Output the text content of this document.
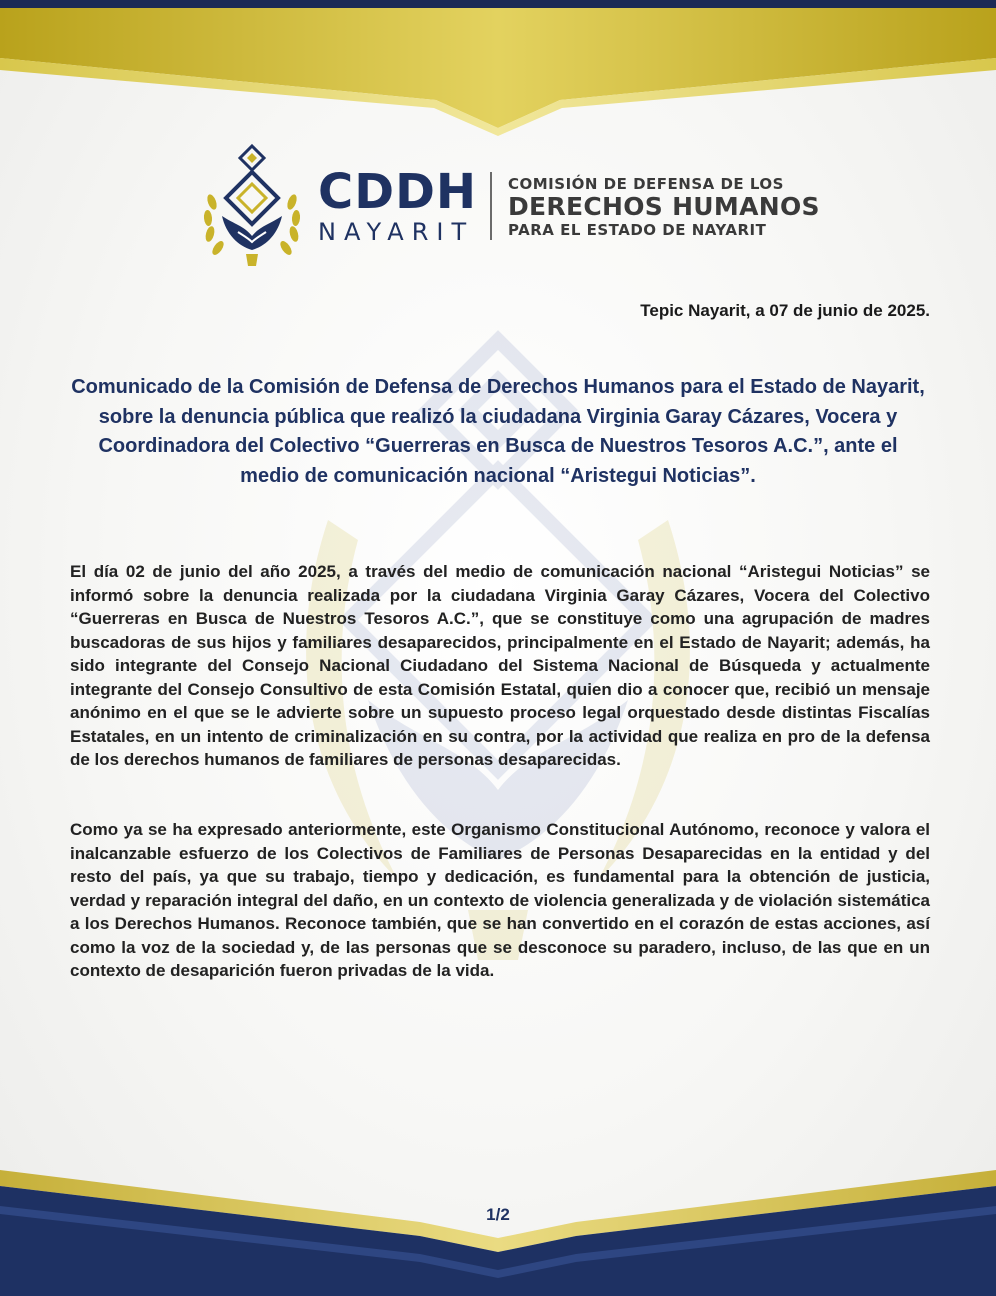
CDDH
NAYARIT
COMISIÓN DE DEFENSA DE LOS
DERECHOS HUMANOS
PARA EL ESTADO DE NAYARIT
Tepic Nayarit, a 07 de junio de 2025.
Comunicado de la Comisión de Defensa de Derechos Humanos para el Estado de Nayarit, sobre la denuncia pública que realizó la ciudadana Virginia Garay Cázares, Vocera y Coordinadora del Colectivo “Guerreras en Busca de Nuestros Tesoros A.C.”, ante el medio de comunicación nacional “Aristegui Noticias”.

El día 02 de junio del año 2025, a través del medio de comunicación nacional “Aristegui Noticias” se informó sobre la denuncia realizada por la ciudadana Virginia Garay Cázares, Vocera del Colectivo “Guerreras en Busca de Nuestros Tesoros A.C.”, que se constituye como una agrupación de madres buscadoras de sus hijos y familiares desaparecidos, principalmente en el Estado de Nayarit; además, ha sido integrante del Consejo Nacional Ciudadano del Sistema Nacional de Búsqueda y actualmente integrante del Consejo Consultivo de esta Comisión Estatal, quien dio a conocer que, recibió un mensaje anónimo en el que se le advierte sobre un supuesto proceso legal orquestado desde distintas Fiscalías Estatales, en un intento de criminalización en su contra, por la actividad que realiza en pro de la defensa de los derechos humanos de familiares de personas desaparecidas.

Como ya se ha expresado anteriormente, este Organismo Constitucional Autónomo, reconoce y valora el inalcanzable esfuerzo de los Colectivos de Familiares de Personas Desaparecidas en la entidad y del resto del país, ya que su trabajo, tiempo y dedicación, es fundamental para la obtención de justicia, verdad y reparación integral del daño, en un contexto de violencia generalizada y de violación sistemática a los Derechos Humanos. Reconoce también, que se han convertido en el corazón de estas acciones, así como la voz de la sociedad y, de las personas que se desconoce su paradero, incluso, de las que en un contexto de desaparición fueron privadas de la vida.

1/2
